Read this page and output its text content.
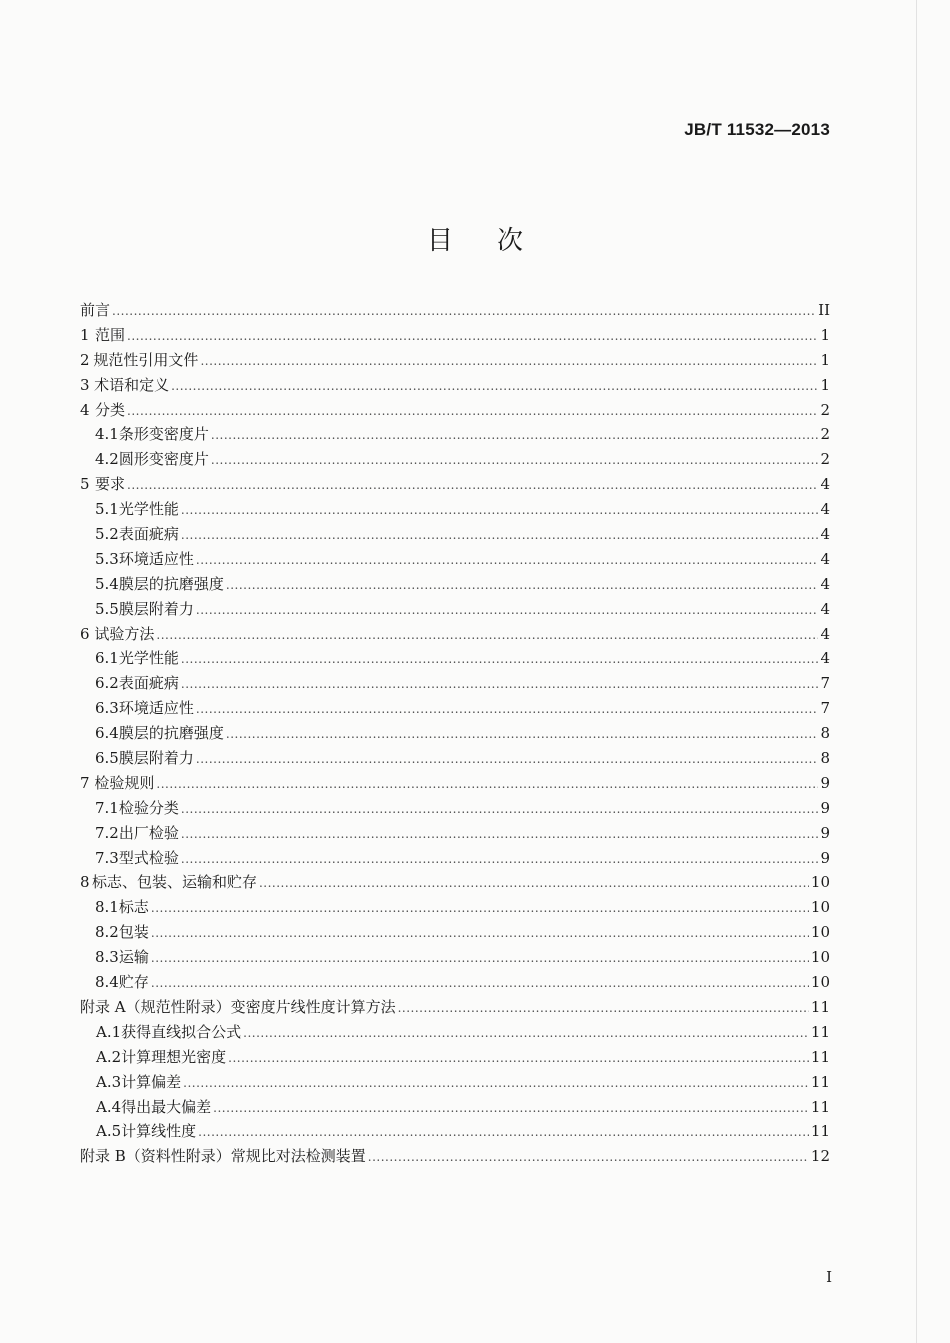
JB/T 11532—2013
目次
前言 .....	II
1 范围 .....	1
2 规范性引用文件 .....	1
3 术语和定义 .....	1
4 分类 .....	2
4.1 条形变密度片 .....	2
4.2 圆形变密度片 .....	2
5 要求 .....	4
5.1 光学性能 .....	4
5.2 表面疵病 .....	4
5.3 环境适应性 .....	4
5.4 膜层的抗磨强度 .....	4
5.5 膜层附着力 .....	4
6 试验方法 .....	4
6.1 光学性能 .....	4
6.2 表面疵病 .....	7
6.3 环境适应性 .....	7
6.4 膜层的抗磨强度 .....	8
6.5 膜层附着力 .....	8
7 检验规则 .....	9
7.1 检验分类 .....	9
7.2 出厂检验 .....	9
7.3 型式检验 .....	9
8 标志、包装、运输和贮存 .....	10
8.1 标志 .....	10
8.2 包装 .....	10
8.3 运输 .....	10
8.4 贮存 .....	10
附录 A（规范性附录）变密度片线性度计算方法 .....	11
A.1 获得直线拟合公式 .....	11
A.2 计算理想光密度 .....	11
A.3 计算偏差 .....	11
A.4 得出最大偏差 .....	11
A.5 计算线性度 .....	11
附录 B（资料性附录）常规比对法检测装置 .....	12
I
